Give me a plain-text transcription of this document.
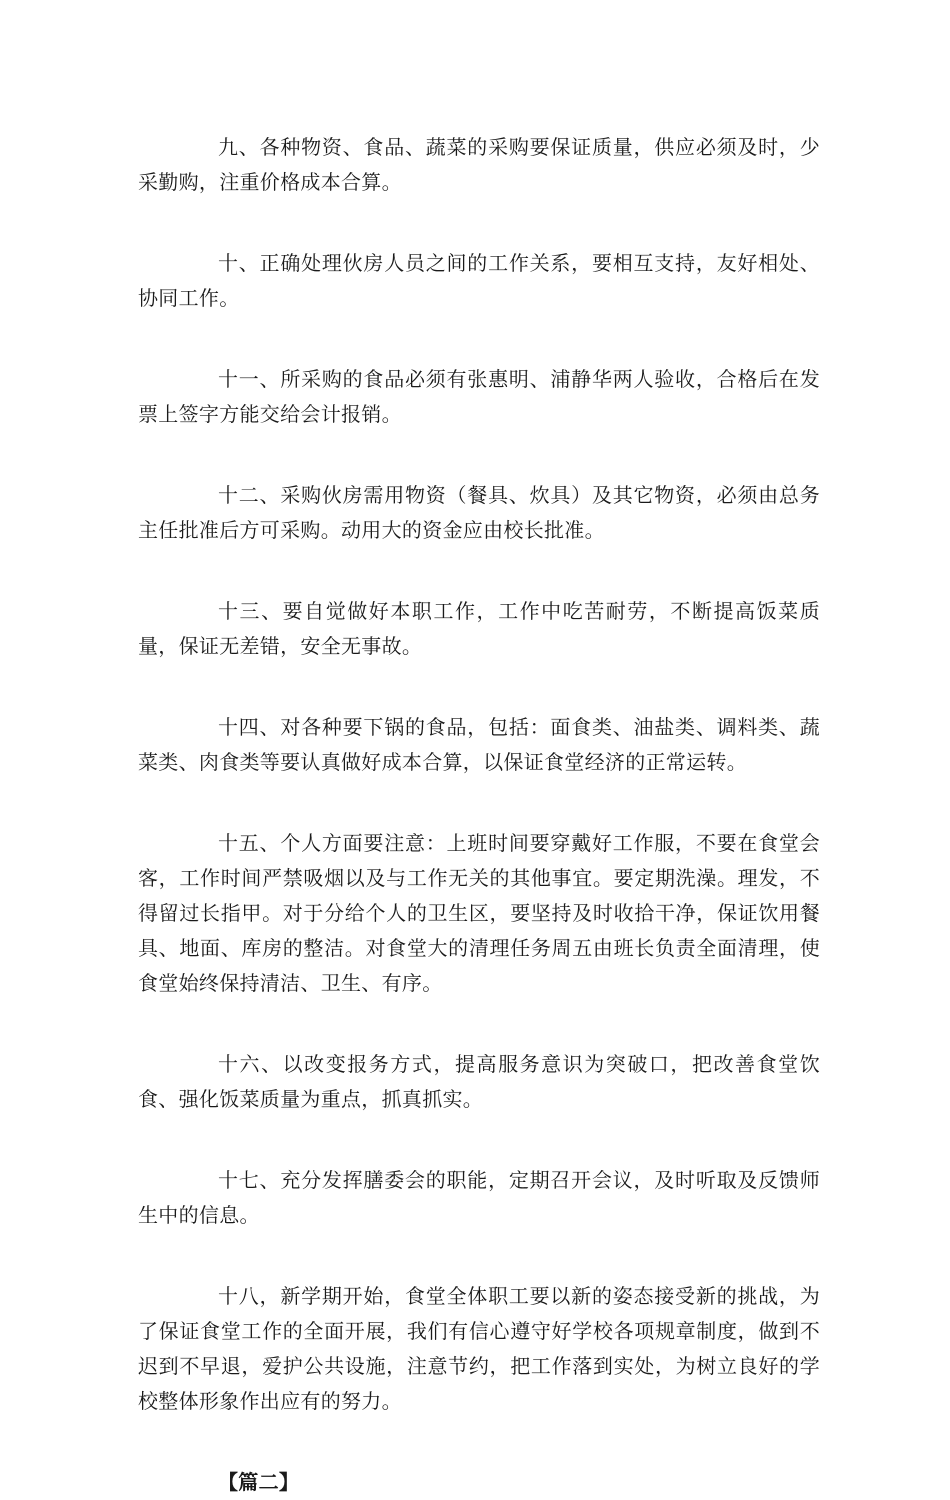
九、各种物资、食品、蔬菜的采购要保证质量，供应必须及时，少采勤购，注重价格成本合算。

十、正确处理伙房人员之间的工作关系，要相互支持，友好相处、协同工作。

十一、所采购的食品必须有张惠明、浦静华两人验收，合格后在发票上签字方能交给会计报销。

十二、采购伙房需用物资（餐具、炊具）及其它物资，必须由总务主任批准后方可采购。动用大的资金应由校长批准。

十三、要自觉做好本职工作，工作中吃苦耐劳，不断提高饭菜质量，保证无差错，安全无事故。

十四、对各种要下锅的食品，包括：面食类、油盐类、调料类、蔬菜类、肉食类等要认真做好成本合算，以保证食堂经济的正常运转。

十五、个人方面要注意：上班时间要穿戴好工作服，不要在食堂会客，工作时间严禁吸烟以及与工作无关的其他事宜。要定期洗澡。理发，不得留过长指甲。对于分给个人的卫生区，要坚持及时收拾干净，保证饮用餐具、地面、库房的整洁。对食堂大的清理任务周五由班长负责全面清理，使食堂始终保持清洁、卫生、有序。

十六、以改变报务方式，提高服务意识为突破口，把改善食堂饮食、强化饭菜质量为重点，抓真抓实。

十七、充分发挥膳委会的职能，定期召开会议，及时听取及反馈师生中的信息。

十八，新学期开始，食堂全体职工要以新的姿态接受新的挑战，为了保证食堂工作的全面开展，我们有信心遵守好学校各项规章制度，做到不迟到不早退，爱护公共设施，注意节约，把工作落到实处，为树立良好的学校整体形象作出应有的努力。

【篇二】
